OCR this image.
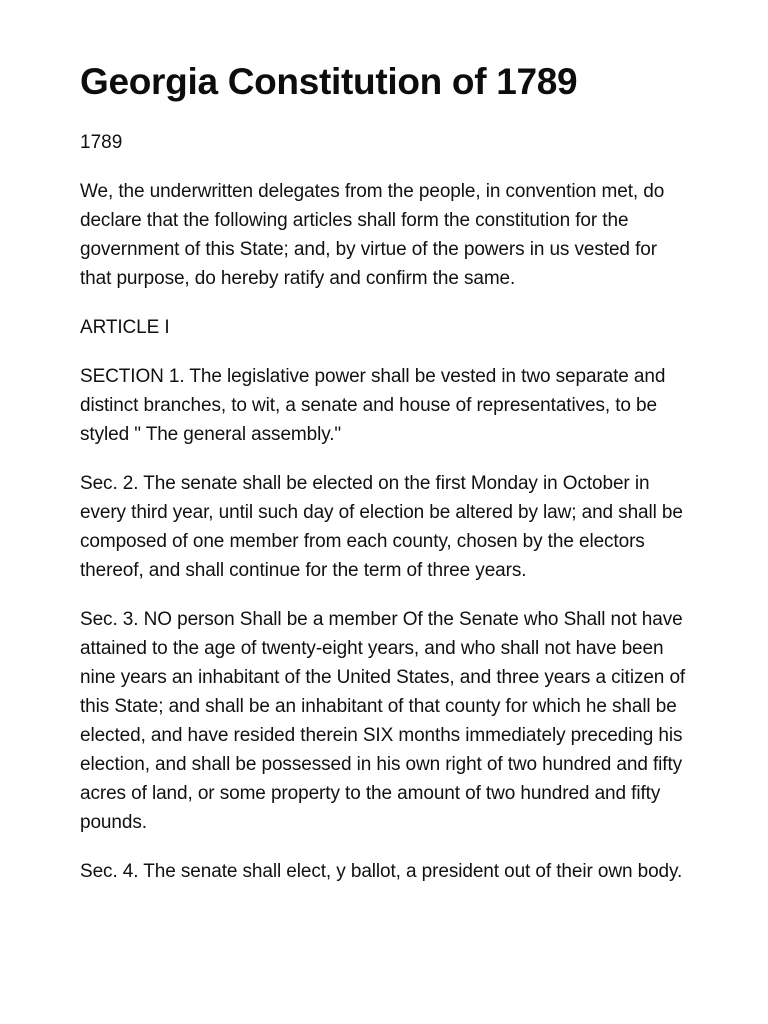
Georgia Constitution of 1789

1789

We, the underwritten delegates from the people, in convention met, do declare that the following articles shall form the constitution for the government of this State; and, by virtue of the powers in us vested for that purpose, do hereby ratify and confirm the same.

ARTICLE I

SECTION 1. The legislative power shall be vested in two separate and distinct branches, to wit, a senate and house of representatives, to be styled " The general assembly."

Sec. 2. The senate shall be elected on the first Monday in October in every third year, until such day of election be altered by law; and shall be composed of one member from each county, chosen by the electors thereof, and shall continue for the term of three years.

Sec. 3. NO person Shall be a member Of the Senate who Shall not have attained to the age of twenty-eight years, and who shall not have been nine years an inhabitant of the United States, and three years a citizen of this State; and shall be an inhabitant of that county for which he shall be elected, and have resided therein SIX months immediately preceding his election, and shall be possessed in his own right of two hundred and fifty acres of land, or some property to the amount of two hundred and fifty pounds.

Sec. 4. The senate shall elect, y ballot, a president out of their own body.
